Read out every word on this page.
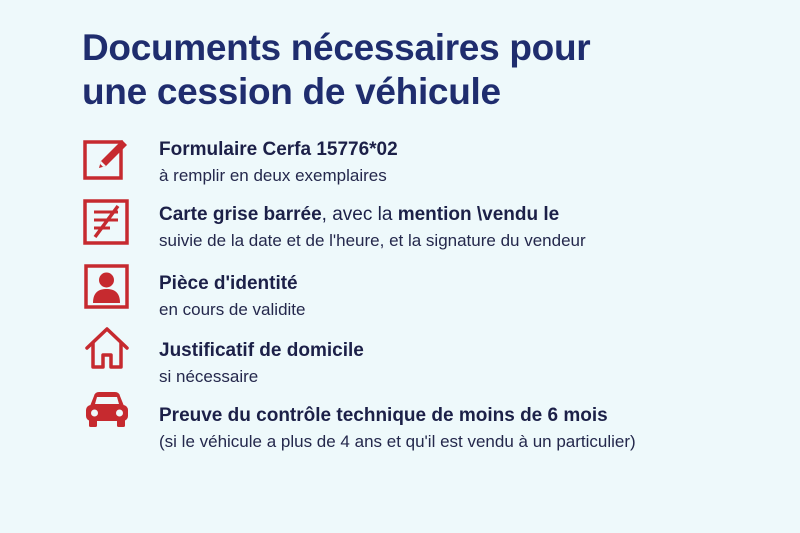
Documents nécessaires pour
une cession de véhicule
Formulaire Cerfa 15776*02
à remplir en deux exemplaires
Carte grise barrée, avec la mention \vendu le
suivie de la date et de l'heure, et la signature du vendeur
Pièce d'identité
en cours de validite
Justificatif de domicile
si nécessaire
Preuve du contrôle technique de moins de 6 mois
(si le véhicule a plus de 4 ans et qu'il est vendu à un particulier)
